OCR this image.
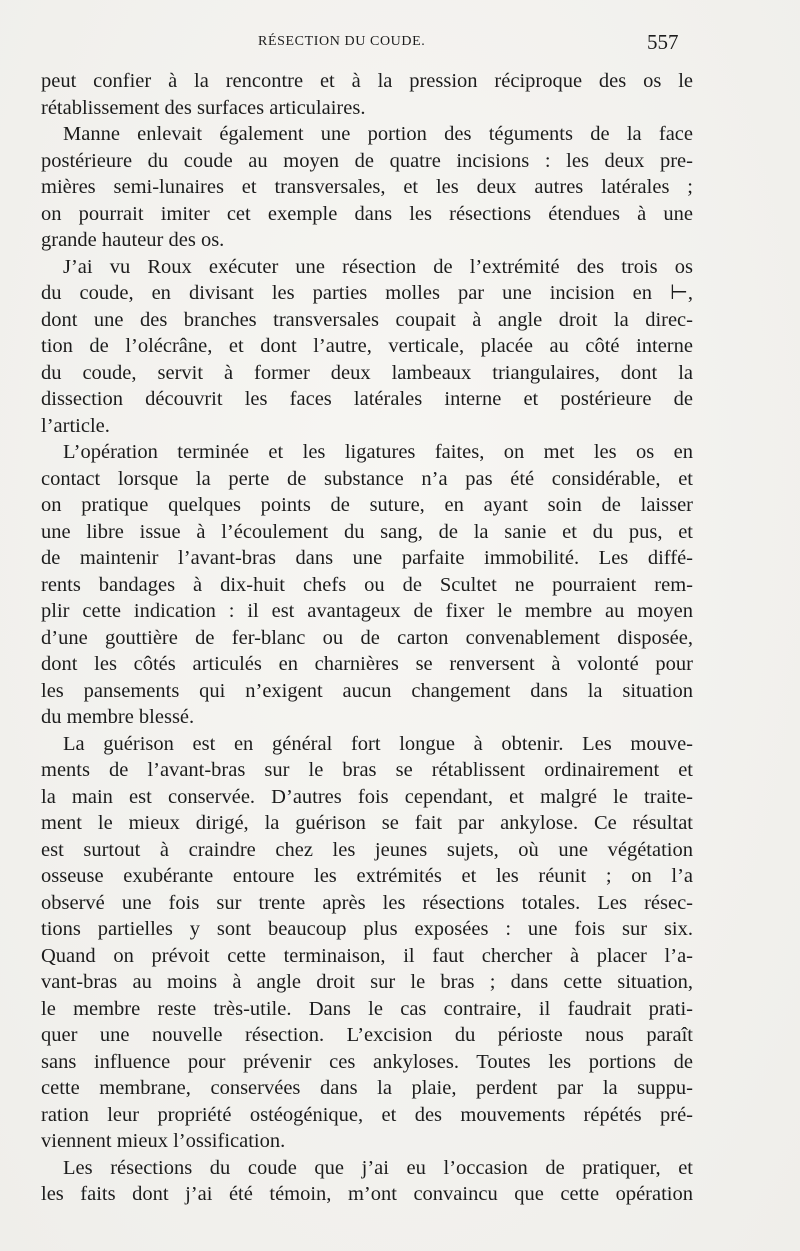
RÉSECTION DU COUDE.	557
peut confier à la rencontre et à la pression réciproque des os le
rétablissement des surfaces articulaires.
Manne enlevait également une portion des téguments de la face
postérieure du coude au moyen de quatre incisions : les deux pre-
mières semi-lunaires et transversales, et les deux autres latérales ;
on pourrait imiter cet exemple dans les résections étendues à une
grande hauteur des os.
J’ai vu Roux exécuter une résection de l’extrémité des trois os
du coude, en divisant les parties molles par une incision en ⊢,
dont une des branches transversales coupait à angle droit la direc-
tion de l’olécrâne, et dont l’autre, verticale, placée au côté interne
du coude, servit à former deux lambeaux triangulaires, dont la
dissection découvrit les faces latérales interne et postérieure de
l’article.
L’opération terminée et les ligatures faites, on met les os en
contact lorsque la perte de substance n’a pas été considérable, et
on pratique quelques points de suture, en ayant soin de laisser
une libre issue à l’écoulement du sang, de la sanie et du pus, et
de maintenir l’avant-bras dans une parfaite immobilité. Les diffé-
rents bandages à dix-huit chefs ou de Scultet ne pourraient rem-
plir cette indication : il est avantageux de fixer le membre au moyen
d’une gouttière de fer-blanc ou de carton convenablement disposée,
dont les côtés articulés en charnières se renversent à volonté pour
les pansements qui n’exigent aucun changement dans la situation
du membre blessé.
La guérison est en général fort longue à obtenir. Les mouve-
ments de l’avant-bras sur le bras se rétablissent ordinairement et
la main est conservée. D’autres fois cependant, et malgré le traite-
ment le mieux dirigé, la guérison se fait par ankylose. Ce résultat
est surtout à craindre chez les jeunes sujets, où une végétation
osseuse exubérante entoure les extrémités et les réunit ; on l’a
observé une fois sur trente après les résections totales. Les résec-
tions partielles y sont beaucoup plus exposées : une fois sur six.
Quand on prévoit cette terminaison, il faut chercher à placer l’a-
vant-bras au moins à angle droit sur le bras ; dans cette situation,
le membre reste très-utile. Dans le cas contraire, il faudrait prati-
quer une nouvelle résection. L’excision du périoste nous paraît
sans influence pour prévenir ces ankyloses. Toutes les portions de
cette membrane, conservées dans la plaie, perdent par la suppu-
ration leur propriété ostéogénique, et des mouvements répétés pré-
viennent mieux l’ossification.
Les résections du coude que j’ai eu l’occasion de pratiquer, et
les faits dont j’ai été témoin, m’ont convaincu que cette opération
